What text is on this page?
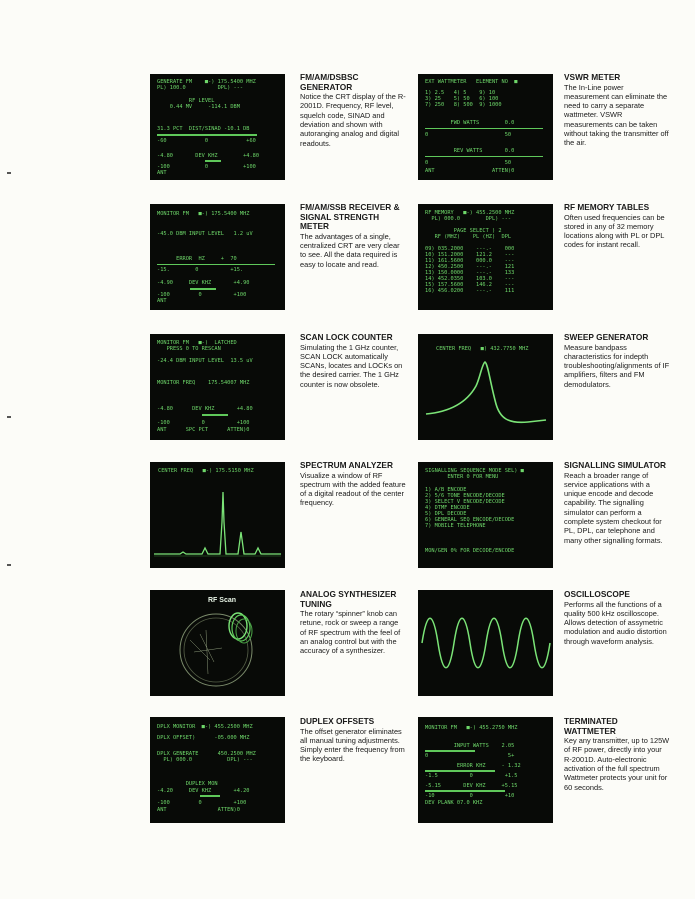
GENERATE FM    ■-) 175.5400 MHZ
PL) 100.0          DPL) ---
RF LEVEL
0.44 MV     -114.1 DBM
31.3 PCT  DIST/SINAD -10.1 DB
-60            0            +60
-4.80       DEV KHZ        +4.80
-100           0           +100
ANT
FM/AM/DSBSC GENERATOR

Notice the CRT display of the R-2001D. Frequency, RF level, squelch code, SINAD and deviation and shown with autoranging analog and digital readouts.

EXT WATTMETER   ELEMENT NO  ■
1) 2.5   4) 5    9) 10
3) 25    5) 50   6) 100
7) 250   8) 500  9) 1000
FWD WATTS        0.0
0                        50
REV WATTS       0.0
0                        50
ANT                  ATTEN)0
VSWR METER

The In-Line power measurement can eliminate the need to carry a separate wattmeter. VSWR measurements can be taken without taking the transmitter off the air.

MONITOR FM   ■-) 175.5400 MHZ
-45.0 DBM INPUT LEVEL   1.2 uV
ERROR  HZ     +  70
-15.        0          +15.
-4.90     DEV KHZ       +4.90
-100         0          +100
ANT
FM/AM/SSB RECEIVER & SIGNAL STRENGTH METER

The advantages of a single, centralized CRT are very clear to see. All the data required is easy to locate and read.

RF MEMORY   ■-) 455.2500 MHZ
PL) 000.0        DPL) ---
PAGE SELECT ) 2
RF (MHZ)    PL (HZ)  DPL
09) 035.2000    ---.-    000
10) 151.2000    121.2    ---
11) 161.5600    000.0    ---
12) 450.2500    ---.-    121
13) 150.0000    ---.-    133
14) 452.0350    103.0    ---
15) 157.5600    146.2    ---
16) 456.0200    ---.-    111
RF MEMORY TABLES

Often used frequencies can be stored in any of 32 memory locations along with PL or DPL codes for instant recall.

MONITOR FM   ■-)  LATCHED
PRESS 0 TO RESCAN
-24.4 DBM INPUT LEVEL  13.5 uV
MONITOR FREQ    175.54007 MHZ
-4.80      DEV KHZ       +4.80
-100          0          +100
ANT      SPC PCT      ATTEN)0
SCAN LOCK COUNTER

Simulating the 1 GHz counter, SCAN LOCK automatically SCANs, locates and LOCKs on the desired carrier. The 1 GHz counter is now obsolete.

CENTER FREQ   ■) 432.7750 MHZ
SWEEP GENERATOR

Measure bandpass characteristics for indepth troubleshooting/alignments of IF amplifiers, filters and FM demodulators.

CENTER FREQ   ■-) 175.5150 MHZ
SPECTRUM ANALYZER

Visualize a window of RF spectrum with the added feature of a digital readout of the center frequency.

SIGNALLING SEQUENCE MODE SEL) ■
ENTER 0 FOR MENU
1) A/B ENCODE
2) 5/6 TONE ENCODE/DECODE
3) SELECT V ENCODE/DECODE
4) DTMF ENCODE
5) DPL DECODE
6) GENERAL SEQ ENCODE/DECODE
7) MOBILE TELEPHONE
MON/GEN 0% FOR DECODE/ENCODE
SIGNALLING SIMULATOR

Reach a broader range of service applications with a unique encode and decode capability. The signalling simulator can perform a complete system checkout for PL, DPL, car telephone and many other signalling formats.

RF Scan
ANALOG SYNTHESIZER TUNING

The rotary “spinner” knob can retune, rock or sweep a range of RF spectrum with the feel of an analog control but with the accuracy of a synthesizer.

OSCILLOSCOPE

Performs all the functions of a quality 500 kHz oscilloscope. Allows detection of assymetric modulation and audio distortion through waveform analysis.

DPLX MONITOR  ■-) 455.2500 MHZ
DPLX OFFSET)      -05.000 MHZ
DPLX GENERATE      450.2500 MHZ
PL) 000.0           DPL) ---
DUPLEX MON
-4.20     DEV KHZ       +4.20
-100         0          +100
ANT                ATTEN)0
DUPLEX OFFSETS

The offset generator eliminates all manual tuning adjustments. Simply enter the frequency from the keyboard.

MONITOR FM   ■-) 455.2750 MHZ
INPUT WATTS    2.05
0                         5+
ERROR KHZ     - 1.32
-1.5          0          +1.5
-5.15       DEV KHZ     +5.15
-10           0          +10
DEV PLANK 07.0 KHZ
TERMINATED WATTMETER

Key any transmitter, up to 125W of RF power, directly into your R-2001D. Auto-electronic activation of the full spectrum Wattmeter protects your unit for 60 seconds.
